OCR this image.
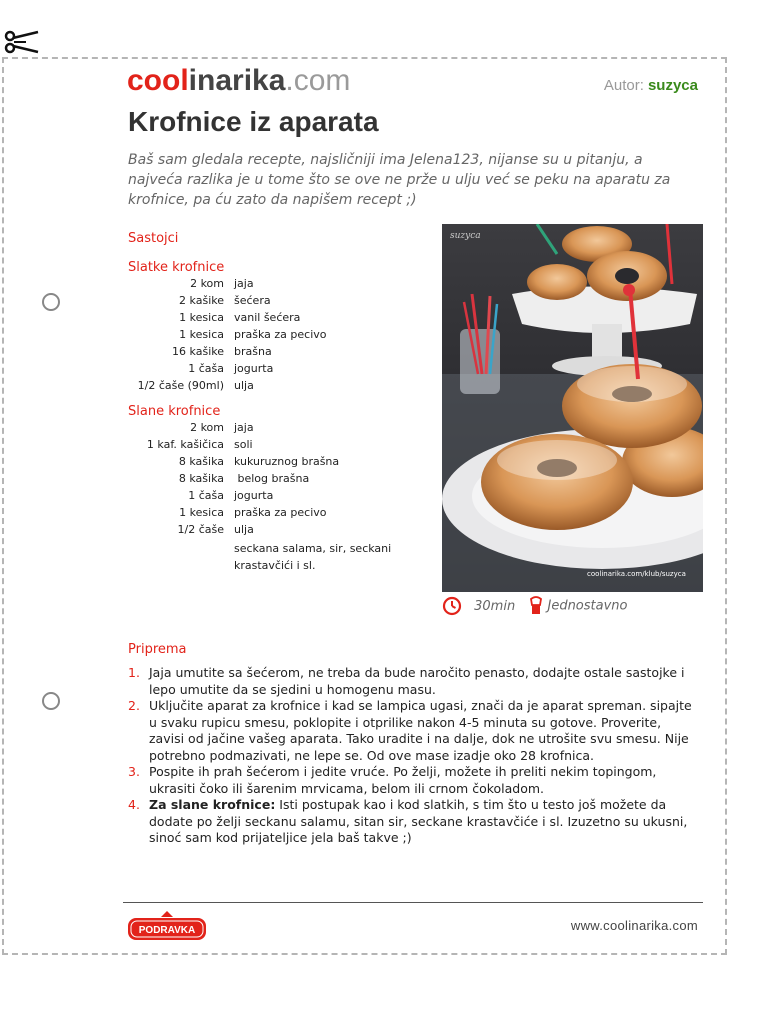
coolinarika.com	Autor: suzyca
Krofnice iz aparata
Baš sam gledala recepte, najsličniji ima Jelena123, nijanse su u pitanju, a najveća razlika je u tome što se ove ne prže u ulju već se peku na aparatu za krofnice, pa ću zato da napišem recept ;)
Sastojci
Slatke krofnice
2 kom	jaja
2 kašike	šećera
1 kesica	vanil šećera
1 kesica	praška za pecivo
16 kašike	brašna
1 čaša	jogurta
1/2 čaše (90ml)	ulja
Slane krofnice
2 kom	jaja
1 kaf. kašičica	soli
8 kašika	kukuruznog brašna
8 kašika	belog brašna
1 čaša	jogurta
1 kesica	praška za pecivo
1/2 čaše	ulja
	seckana salama, sir, seckani krastavčići i sl.
suzyca
coolinarika.com/klub/suzyca
30min Jednostavno
Priprema
1. Jaja umutite sa šećerom, ne treba da bude naročito penasto, dodajte ostale sastojke i lepo umutite da se sjedini u homogenu masu.
2. Uključite aparat za krofnice i kad se lampica ugasi, znači da je aparat spreman. sipajte u svaku rupicu smesu, poklopite i otprilike nakon 4-5 minuta su gotove. Proverite, zavisi od jačine vašeg aparata. Tako uradite i na dalje, dok ne utrošite svu smesu. Nije potrebno podmazivati, ne lepe se. Od ove mase izadje oko 28 krofnica.
3. Pospite ih prah šećerom i jedite vruće. Po želji, možete ih preliti nekim topingom, ukrasiti čoko ili šarenim mrvicama, belom ili crnom čokoladom.
4. Za slane krofnice: Isti postupak kao i kod slatkih, s tim što u testo još možete da dodate po želji seckanu salamu, sitan sir, seckane krastavčiće i sl. Izuzetno su ukusni, sinoć sam kod prijateljice jela baš takve ;)
PODRAVKA	www.coolinarika.com
